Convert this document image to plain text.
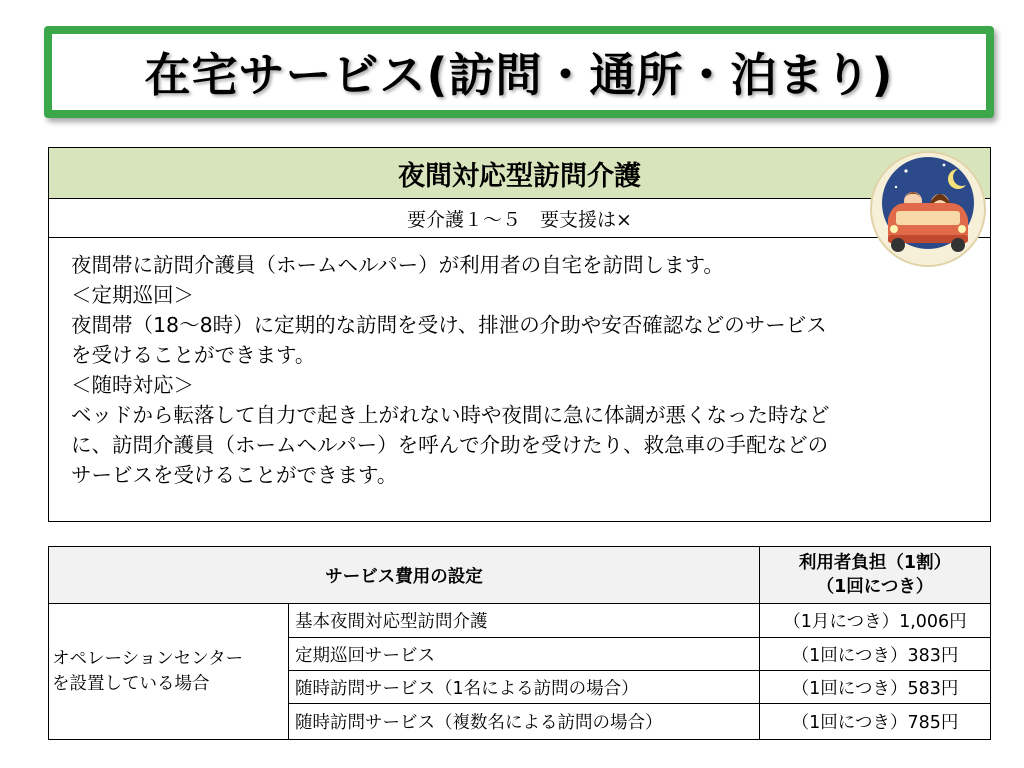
在宅サービス(訪問・通所・泊まり)
夜間対応型訪問介護
要介護１～５　要支援は×
夜間帯に訪問介護員（ホームヘルパー）が利用者の自宅を訪問します。
＜定期巡回＞
夜間帯（18～8時）に定期的な訪問を受け、排泄の介助や安否確認などのサービス
を受けることができます。
＜随時対応＞
ベッドから転落して自力で起き上がれない時や夜間に急に体調が悪くなった時など
に、訪問介護員（ホームヘルパー）を呼んで介助を受けたり、救急車の手配などの
サービスを受けることができます。
サービス費用の設定		利用者負担（1割）
（1回につき）

オペレーションセンター
を設置している場合	基本夜間対応型訪問介護	（1月につき）1,006円
	定期巡回サービス	（1回につき）383円
	随時訪問サービス（1名による訪問の場合）	（1回につき）583円
	随時訪問サービス（複数名による訪問の場合）	（1回につき）785円
